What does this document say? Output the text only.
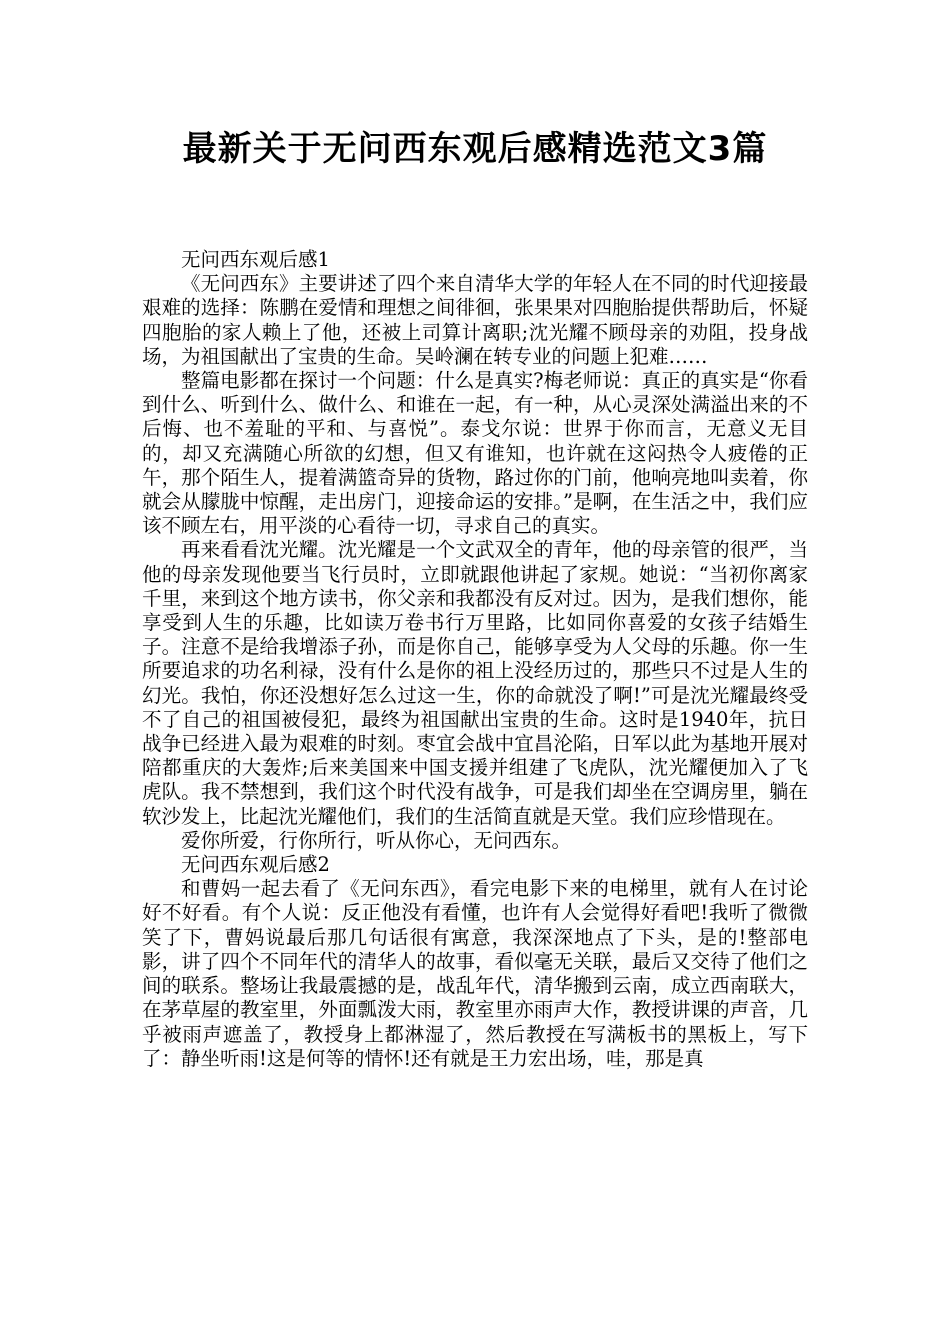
最新关于无问西东观后感精选范文3篇

无问西东观后感1

《无问西东》主要讲述了四个来自清华大学的年轻人在不同的时代迎接最艰难的选择：陈鹏在爱情和理想之间徘徊，张果果对四胞胎提供帮助后，怀疑四胞胎的家人赖上了他，还被上司算计离职;沈光耀不顾母亲的劝阻，投身战场，为祖国献出了宝贵的生命。吴岭澜在转专业的问题上犯难……

整篇电影都在探讨一个问题：什么是真实?梅老师说：真正的真实是“你看到什么、听到什么、做什么、和谁在一起，有一种，从心灵深处满溢出来的不后悔、也不羞耻的平和、与喜悦”。泰戈尔说：世界于你而言，无意义无目的，却又充满随心所欲的幻想，但又有谁知，也许就在这闷热令人疲倦的正午，那个陌生人，提着满篮奇异的货物，路过你的门前，他响亮地叫卖着，你就会从朦胧中惊醒，走出房门，迎接命运的安排。”是啊，在生活之中，我们应该不顾左右，用平淡的心看待一切，寻求自己的真实。

再来看看沈光耀。沈光耀是一个文武双全的青年，他的母亲管的很严，当他的母亲发现他要当飞行员时，立即就跟他讲起了家规。她说：“当初你离家千里，来到这个地方读书，你父亲和我都没有反对过。因为，是我们想你，能享受到人生的乐趣，比如读万卷书行万里路，比如同你喜爱的女孩子结婚生子。注意不是给我增添子孙，而是你自己，能够享受为人父母的乐趣。你一生所要追求的功名利禄，没有什么是你的祖上没经历过的，那些只不过是人生的幻光。我怕，你还没想好怎么过这一生，你的命就没了啊!”可是沈光耀最终受不了自己的祖国被侵犯，最终为祖国献出宝贵的生命。这时是1940年，抗日战争已经进入最为艰难的时刻。枣宜会战中宜昌沦陷，日军以此为基地开展对陪都重庆的大轰炸;后来美国来中国支援并组建了飞虎队，沈光耀便加入了飞虎队。我不禁想到，我们这个时代没有战争，可是我们却坐在空调房里，躺在软沙发上，比起沈光耀他们，我们的生活简直就是天堂。我们应珍惜现在。

爱你所爱，行你所行，听从你心，无问西东。

无问西东观后感2

和曹妈一起去看了《无问东西》，看完电影下来的电梯里，就有人在讨论好不好看。有个人说：反正他没有看懂，也许有人会觉得好看吧!我听了微微笑了下，曹妈说最后那几句话很有寓意，我深深地点了下头，是的!整部电影，讲了四个不同年代的清华人的故事，看似毫无关联，最后又交待了他们之间的联系。整场让我最震撼的是，战乱年代，清华搬到云南，成立西南联大，在茅草屋的教室里，外面瓢泼大雨，教室里亦雨声大作，教授讲课的声音，几乎被雨声遮盖了，教授身上都淋湿了，然后教授在写满板书的黑板上，写下了：静坐听雨!这是何等的情怀!还有就是王力宏出场，哇，那是真
